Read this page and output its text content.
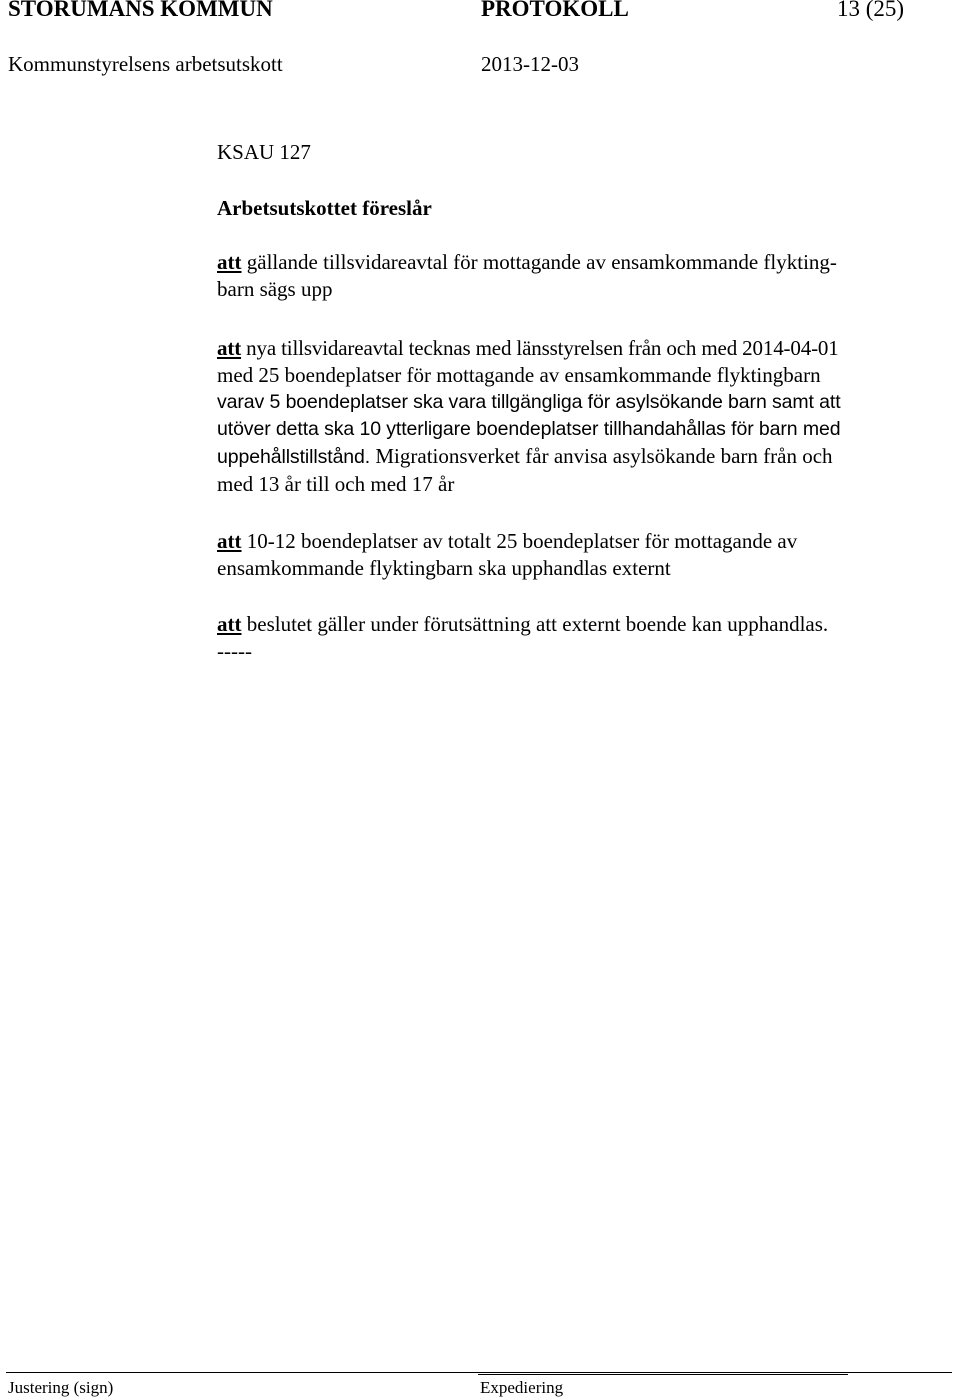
STORUMANS KOMMUN	PROTOKOLL	13 (25)
Kommunstyrelsens arbetsutskott	2013-12-03
KSAU 127
Arbetsutskottet föreslår
att gällande tillsvidareavtal för mottagande av ensamkommande flykting-
barn sägs upp
att nya tillsvidareavtal tecknas med länsstyrelsen från och med 2014-04-01
med 25 boendeplatser för mottagande av ensamkommande flyktingbarn
varav 5 boendeplatser ska vara tillgängliga för asylsökande barn samt att
utöver detta ska 10 ytterligare boendeplatser tillhandahållas för barn med
uppehållstillstånd. Migrationsverket får anvisa asylsökande barn från och
med 13 år till och med 17 år
att 10-12 boendeplatser av totalt 25 boendeplatser för mottagande av
ensamkommande flyktingbarn ska upphandlas externt
att beslutet gäller under förutsättning att externt boende kan upphandlas.
-----
Justering (sign)	Expediering
